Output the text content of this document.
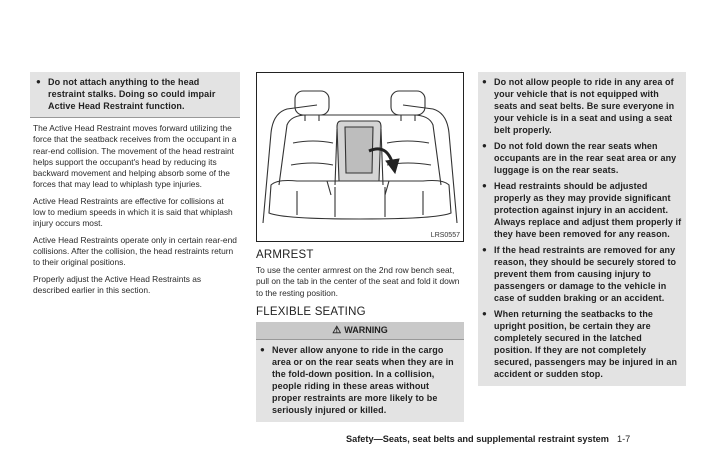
● Do not attach anything to the head restraint stalks. Doing so could impair Active Head Restraint function.

The Active Head Restraint moves forward utilizing the force that the seatback receives from the occupant in a rear-end collision. The movement of the head restraint helps support the occupant's head by reducing its backward movement and helping absorb some of the forces that may lead to whiplash type injuries.

Active Head Restraints are effective for collisions at low to medium speeds in which it is said that whiplash injury occurs most.

Active Head Restraints operate only in certain rear-end collisions. After the collision, the head restraints return to their original positions.

Properly adjust the Active Head Restraints as described earlier in this section.

LRS0557
ARMREST

To use the center armrest on the 2nd row bench seat, pull on the tab in the center of the seat and fold it down to the resting position.

FLEXIBLE SEATING
⚠ WARNING
● Never allow anyone to ride in the cargo area or on the rear seats when they are in the fold-down position. In a collision, people riding in these areas without proper restraints are more likely to be seriously injured or killed.
● Do not allow people to ride in any area of your vehicle that is not equipped with seats and seat belts. Be sure everyone in your vehicle is in a seat and using a seat belt properly.
● Do not fold down the rear seats when occupants are in the rear seat area or any luggage is on the rear seats.
● Head restraints should be adjusted properly as they may provide significant protection against injury in an accident. Always replace and adjust them properly if they have been removed for any reason.
● If the head restraints are removed for any reason, they should be securely stored to prevent them from causing injury to passengers or damage to the vehicle in case of sudden braking or an accident.
● When returning the seatbacks to the upright position, be certain they are completely secured in the latched position. If they are not completely secured, passengers may be injured in an accident or sudden stop.
Safety—Seats, seat belts and supplemental restraint system 1-7
